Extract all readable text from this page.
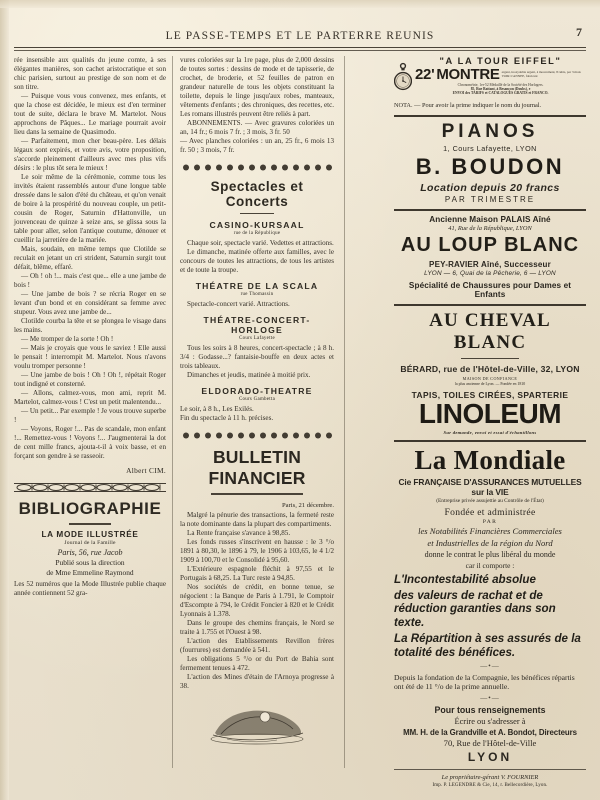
LE PASSE-TEMPS ET LE PARTERRE REUNIS	7

rée insensible aux qualités du jeune comte, à ses élégantes manières, son cachet aristocratique et son chic parisien, surtout au prestige de son nom et de son titre.

— Puisque vous vous convenez, mes enfants, et que la chose est décidée, le mieux est d'en terminer tout de suite, déclara le brave M. Martelot. Nous approchons de Pâques... Le mariage pourrait avoir lieu dans la semaine de Quasimodo.

— Parfaitement, mon cher beau-père. Les délais légaux sont expirés, et votre avis, votre proposition, s'accorde pleinement d'ailleurs avec mes plus vifs désirs : le plus tôt sera le mieux !

Le soir même de la cérémonie, comme tous les invités étaient rassemblés autour d'une longue table dressée dans le salon d'été du château, et qu'on venait de boire à la prospérité du nouveau couple, un petit-cousin de Roger, Saturnin d'Hattonville, un jouvenceau de quinze à seize ans, se glissa sous la table pour aller, selon l'antique coutume, dénouer et cueillir la jarretière de la mariée.

Mais, soudain, en même temps que Clotilde se reculait en jetant un cri strident, Saturnin surgit tout défait, blême, effaré.

— Oh ! oh !... mais c'est que... elle a une jambe de bois !

— Une jambe de bois ? se récria Roger en se levant d'un bond et en considérant sa femme avec stupeur. Vous avez une jambe de...

Clotilde courba la tête et se plongea le visage dans les mains.

— Me tromper de la sorte ! Oh !

— Mais je croyais que vous le saviez ! Elle aussi le pensait ! interrompit M. Martelot. Nous n'avons voulu tromper personne !

— Une jambe de bois ! Oh ! Oh !, répétait Roger tout indigné et consterné.

— Allons, calmez-vous, mon ami, reprit M. Martelot, calmez-vous ! C'est un petit malentendu...

— Un petit... Par exemple ! Je vous trouve superbe !

— Voyons, Roger !... Pas de scandale, mon enfant !... Remettez-vous ! Voyons !... J'augmenterai la dot de cent mille francs, ajouta-t-il à voix basse, et en forçant son gendre à se rasseoir.

Albert CIM.
BIBLIOGRAPHIE
LA MODE ILLUSTRÉE
Journal de la Famille
Paris, 56, rue Jacob
Publié sous la direction
de Mme Emmeline Raymond

Les 52 numéros que la Mode Illustrée publie chaque année contiennent 52 gra-

vures coloriées sur la 1re page, plus de 2,000 dessins de toutes sortes : dessins de mode et de tapisserie, de crochet, de broderie, et 52 feuilles de patron en grandeur naturelle de tous les objets constituant la toilette, depuis le linge jusqu'aux robes, manteaux, vêtements d'enfants ; des chroniques, des recettes, etc. Les romans illustrés peuvent être reliés à part.

ABONNEMENTS. — Avec gravures coloriées un an, 14 fr.; 6 mois 7 fr. ; 3 mois, 3 fr. 50

— Avec planches coloriées : un an, 25 fr., 6 mois 13 fr. 50 ; 3 mois, 7 fr.

Spectacles et Concerts
CASINO-KURSAAL
rue de la République

Chaque soir, spectacle varié. Vedettes et attractions.

Le dimanche, matinée offerte aux familles, avec le concours de toutes les attractions, de tous les artistes et de toute la troupe.

THÉATRE DE LA SCALA
rue Thomassin

Spectacle-concert varié. Attractions.

THÉATRE-CONCERT-HORLOGE
Cours Lafayette

Tous les soirs à 8 heures, concert-spectacle ; à 8 h. 3/4 : Godasse...? fantaisie-bouffe en deux actes et trois tableaux.

Dimanches et jeudis, matinée à moitié prix.

ELDORADO-THEATRE
Cours Gambetta

Le soir, à 8 h., Les Exilés.

Fin du spectacle à 11 h. précises.

BULLETIN FINANCIER
Paris, 21 décembre.

Malgré la pénurie des transactions, la fermeté reste la note dominante dans la plupart des compartiments.

La Rente française s'avance à 98,85.

Les fonds russes s'inscrivent en hausse : le 3 °/o 1891 à 80,30, le 1896 à 79, le 1906 à 103,65, le 4 1/2 1909 à 100,70 et le Consolidé à 95,60.

L'Extérieure espagnole fléchit à 97,55 et le Portugais à 68,25. La Turc reste à 94,85.

Nos sociétés de crédit, en bonne tenue, se négocient : la Banque de Paris à 1.791, le Comptoir d'Escompte à 794, le Crédit Foncier à 820 et le Crédit Lyonnais à 1.378.

Dans le groupe des chemins français, le Nord se traite à 1.755 et l'Ouest à 98.

L'action des Etablissements Revillon frères (fourrures) est demandée à 541.

Les obligations 5 °/o or du Port de Bahia sont fermement tenues à 472.

L'action des Mines d'étain de l'Arnoya progresse à 38.

"A LA TOUR EIFFEL"
22' MONTRE argent, inoxydable argent, à mouvement, 8 rubis, par 3 mois VOIR L'ANNEE, fabricant
Chronométrie, 1er-52 Médaillé de la Société des Horlogers.
85, Rue Battant, à Besançon (Doubs), e
ENVOI des TARIFS et CATALOGUES GRATIS et FRANCO.
NOTA. — Pour avoir la prime indiquer le nom du journal.
PIANOS
1, Cours Lafayette, LYON
B. BOUDON
Location depuis 20 francs
PAR TRIMESTRE
Ancienne Maison PALAIS Aîné
41, Rue de la République, LYON
AU LOUP BLANC
PEY-RAVIER Aîné, Successeur
LYON — 6, Quai de la Pêcherie, 6 — LYON
Spécialité de Chaussures pour Dames et Enfants
AU CHEVAL BLANC
BÉRARD, rue de l'Hôtel-de-Ville, 32, LYON
MAISON DE CONFIANCE
la plus ancienne de Lyon. — Fondée en 1810
TAPIS, TOILES CIRÉES, SPARTERIE
LINOLEUM
Sur demande, envoi et essai d'échantillons
La Mondiale
Cie FRANÇAISE D'ASSURANCES MUTUELLES sur la VIE
(Entreprise privée assujettie au Contrôle de l'État)
Fondée et administrée
PAR
les Notabilités Financières Commerciales
et Industrielles de la région du Nord
donne le contrat le plus libéral du monde
car il comporte :
L'Incontestabilité absolue
des valeurs de rachat et de réduction garanties dans son texte.
La Répartition à ses assurés de la totalité des bénéfices.
—•—
Depuis la fondation de la Compagnie, les bénéfices répartis ont été de 11 °/o de la prime annuelle.
—•—
Pour tous renseignements
Écrire ou s'adresser à
MM. H. de la Grandville et A. Bondot, Directeurs
70, Rue de l'Hôtel-de-Ville
LYON
Le propriétaire-gérant V. FOURNIER
Imp. P. LEGENDRE & Cie, 14, r. Bellecordière, Lyon.
